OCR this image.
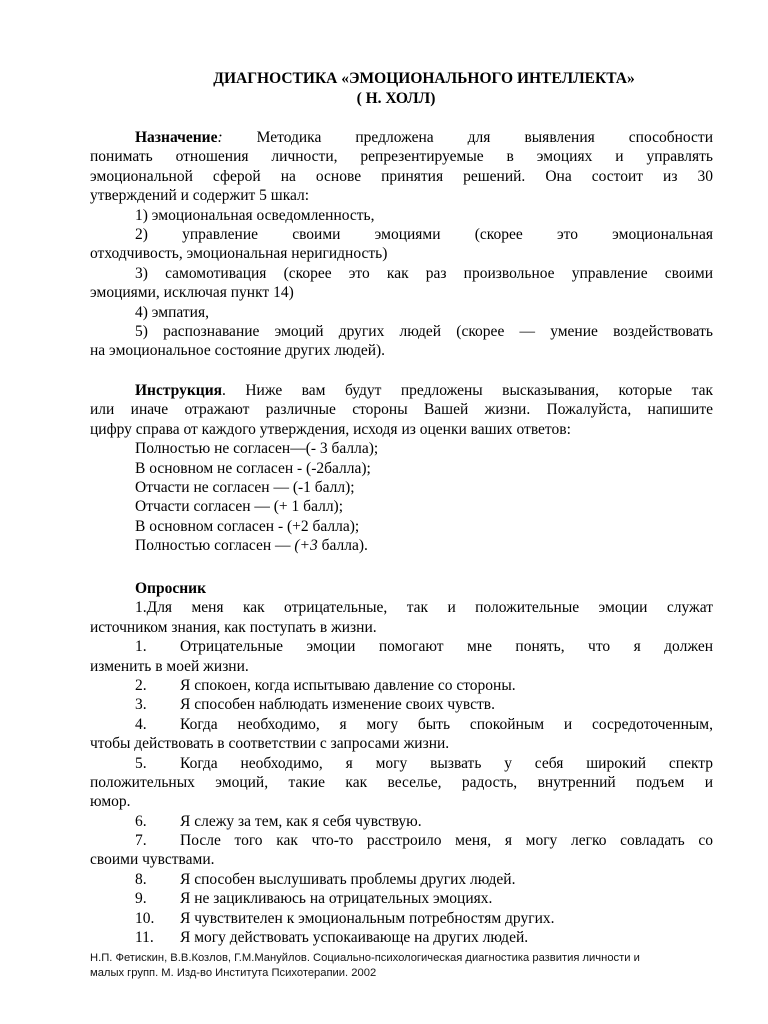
ДИАГНОСТИКА «ЭМОЦИОНАЛЬНОГО ИНТЕЛЛЕКТА»
( Н. ХОЛЛ)
Назначение: Методика предложена для выявления способности
понимать отношения личности, репрезентируемые в эмоциях и управлять
эмоциональной сферой на основе принятия решений. Она состоит из 30
утверждений и содержит 5 шкал:
1) эмоциональная осведомленность,
2) управление своими эмоциями (скорее это эмоциональная
отходчивость, эмоциональная неригидность)
3) самомотивация (скорее это как раз произвольное управление своими
эмоциями, исключая пункт 14)
4) эмпатия,
5) распознавание эмоций других людей (скорее — умение воздействовать
на эмоциональное состояние других людей).
Инструкция. Ниже вам будут предложены высказывания, которые так
или иначе отражают различные стороны Вашей жизни. Пожалуйста, напишите
цифру справа от каждого утверждения, исходя из оценки ваших ответов:
Полностью не согласен—(- 3 балла);
В основном не согласен - (-2балла);
Отчасти не согласен — (-1 балл);
Отчасти согласен — (+ 1 балл);
В основном согласен - (+2 балла);
Полностью согласен — (+3 балла).
Опросник
1.Для меня как отрицательные, так и положительные эмоции служат
источником знания, как поступать в жизни.
1. Отрицательные эмоции помогают мне понять, что я должен
изменить в моей жизни.
2. Я спокоен, когда испытываю давление со стороны.
3. Я способен наблюдать изменение своих чувств.
4. Когда необходимо, я могу быть спокойным и сосредоточенным,
чтобы действовать в соответствии с запросами жизни.
5. Когда необходимо, я могу вызвать у себя широкий спектр
положительных эмоций, такие как веселье, радость, внутренний подъем и
юмор.
6. Я слежу за тем, как я себя чувствую.
7. После того как что-то расстроило меня, я могу легко совладать со
своими чувствами.
8. Я способен выслушивать проблемы других людей.
9. Я не зацикливаюсь на отрицательных эмоциях.
10. Я чувствителен к эмоциональным потребностям других.
11. Я могу действовать успокаивающе на других людей.
Н.П. Фетискин, В.В.Козлов, Г.М.Мануйлов. Социально-психологическая диагностика развития личности и
малых групп. М. Изд-во Института Психотерапии. 2002
